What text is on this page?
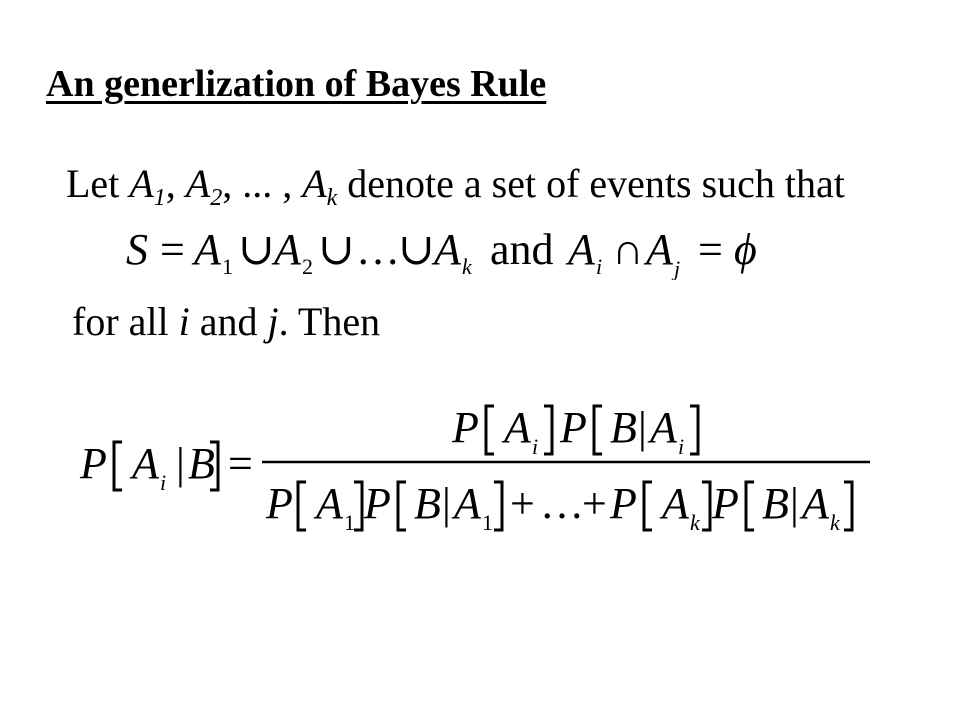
An generlization of Bayes Rule
Let $A_1$, $A_2$, ... , $A_k$ denote a set of events such that
S = A 1 ∪ A 2 ∪ …
∪ A k and A i ∩ A j = ϕ
for all i and j. Then
P A i | B =
P A i P B | A i
P A 1 P B | A 1 + …
+ P A k P B | A k
